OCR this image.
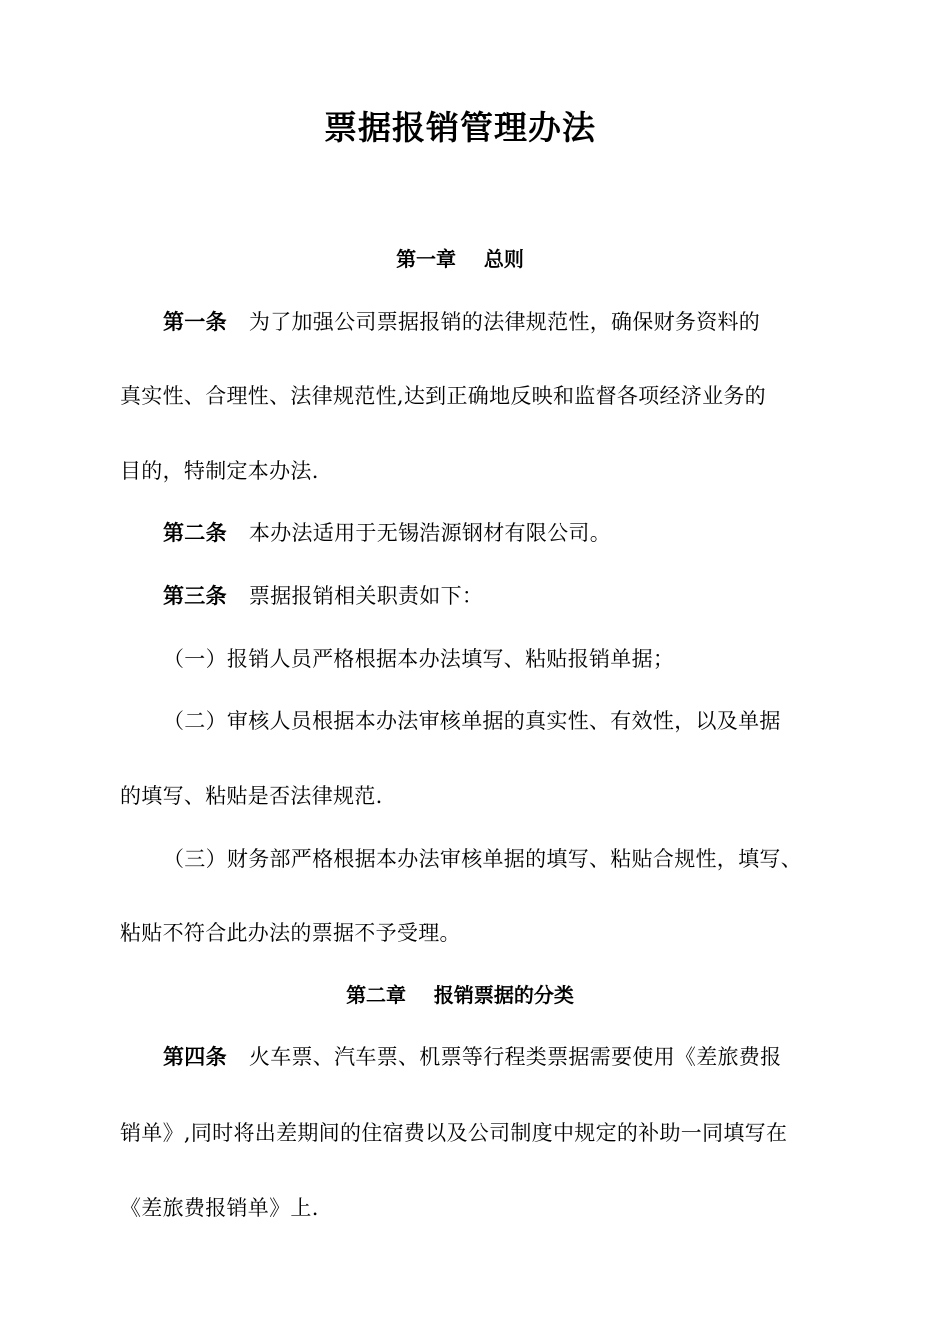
票据报销管理办法
第一章 总则
第一条 为了加强公司票据报销的法律规范性，确保财务资料的
真实性、合理性、法律规范性,达到正确地反映和监督各项经济业务的
目的，特制定本办法.
第二条 本办法适用于无锡浩源钢材有限公司。
第三条 票据报销相关职责如下：
（一）报销人员严格根据本办法填写、粘贴报销单据；
（二）审核人员根据本办法审核单据的真实性、有效性，以及单据
的填写、粘贴是否法律规范.
（三）财务部严格根据本办法审核单据的填写、粘贴合规性，填写、
粘贴不符合此办法的票据不予受理。
第二章 报销票据的分类
第四条 火车票、汽车票、机票等行程类票据需要使用《差旅费报
销单》,同时将出差期间的住宿费以及公司制度中规定的补助一同填写在
《差旅费报销单》上.
